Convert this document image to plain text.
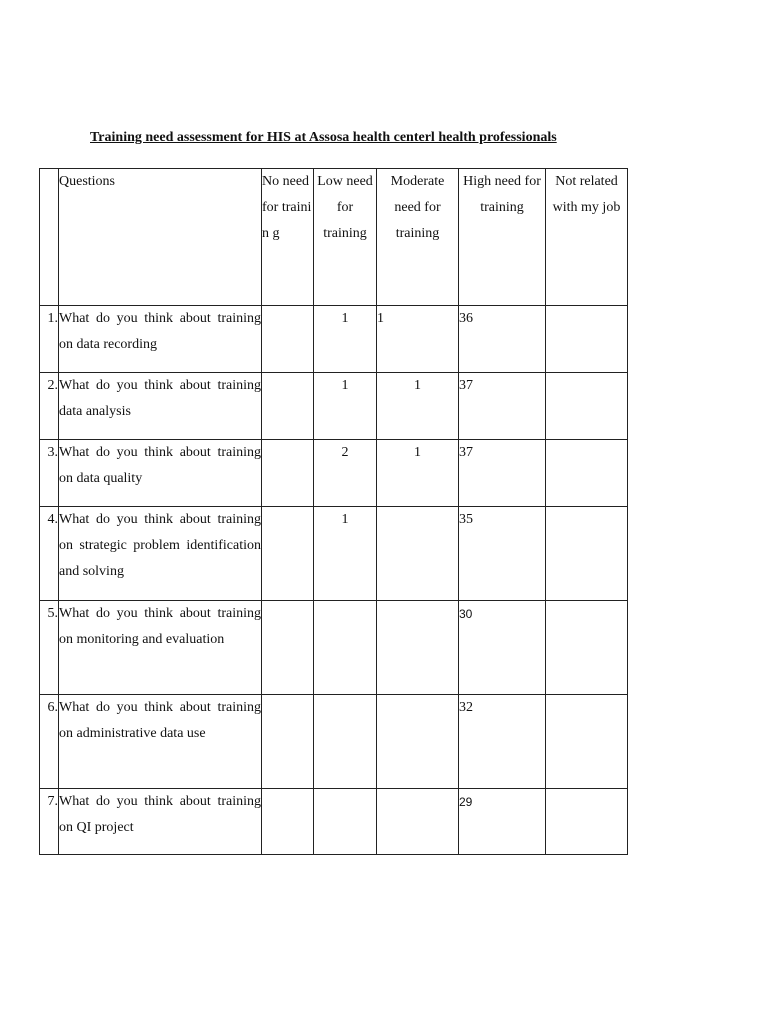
Training need assessment for HIS at Assosa health centerl health professionals
	Questions	No need for trainin g	Low need for training	Moderate need for training	High need for training	Not related with my job
1.	What do you think about training on data recording		1	1	36	
2.	What do you think about training data analysis		1	1	37	
3.	What do you think about training on data quality		2	1	37	
4.	What do you think about training on strategic problem identification and solving		1		35	
5.	What do you think about training on monitoring and evaluation				30	
6.	What do you think about training on administrative data use				32	
7.	What do you think about training on QI project				29	
